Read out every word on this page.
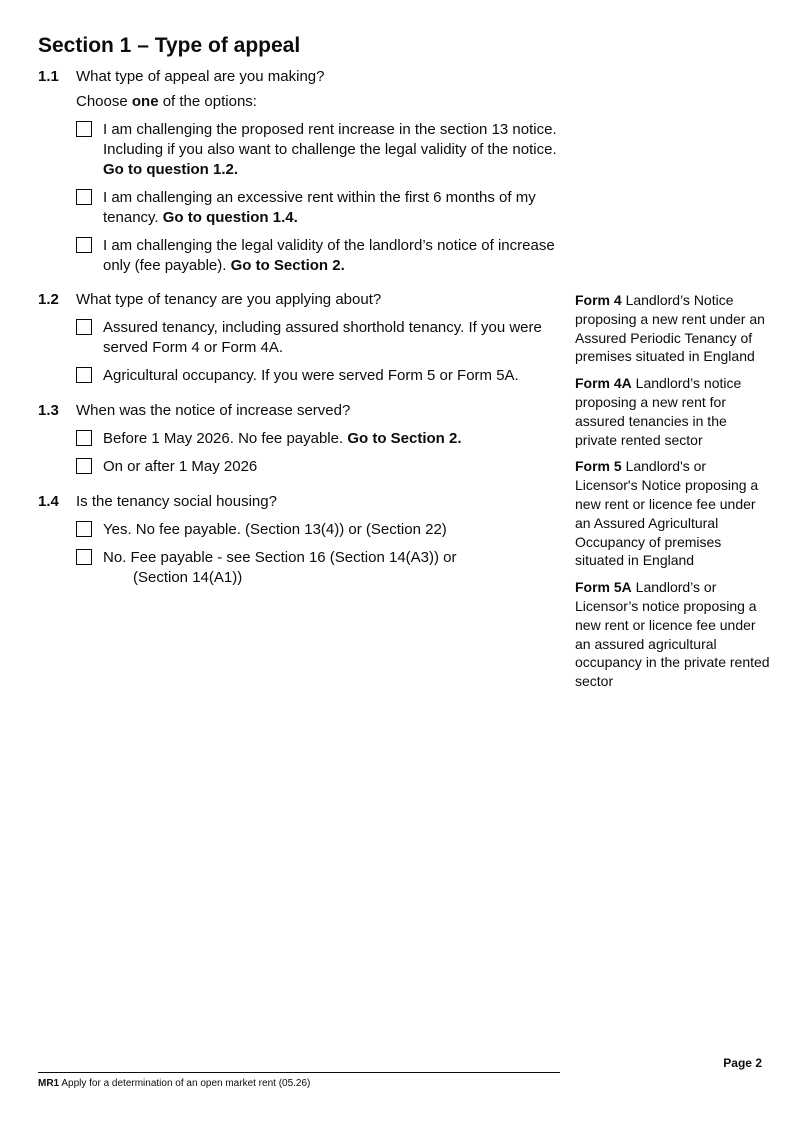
Section 1 – Type of appeal
1.1 What type of appeal are you making?
Choose one of the options:
I am challenging the proposed rent increase in the section 13 notice. Including if you also want to challenge the legal validity of the notice. Go to question 1.2.
I am challenging an excessive rent within the first 6 months of my tenancy. Go to question 1.4.
I am challenging the legal validity of the landlord’s notice of increase only (fee payable). Go to Section 2.
1.2 What type of tenancy are you applying about?
Assured tenancy, including assured shorthold tenancy. If you were served Form 4 or Form 4A.
Agricultural occupancy. If you were served Form 5 or Form 5A.
1.3 When was the notice of increase served?
Before 1 May 2026. No fee payable. Go to Section 2.
On or after 1 May 2026
1.4 Is the tenancy social housing?
Yes. No fee payable. (Section 13(4)) or (Section 22)
No. Fee payable - see Section 16 (Section 14(A3)) or
(Section 14(A1))

Form 4 Landlord’s Notice proposing a new rent under an Assured Periodic Tenancy of premises situated in England

Form 4A Landlord’s notice proposing a new rent for assured tenancies in the private rented sector

Form 5 Landlord's or Licensor's Notice proposing a new rent or licence fee under an Assured Agricultural Occupancy of premises situated in England

Form 5A Landlord’s or Licensor’s notice proposing a new rent or licence fee under an assured agricultural occupancy in the private rented sector

Page 2
MR1 Apply for a determination of an open market rent (05.26)
